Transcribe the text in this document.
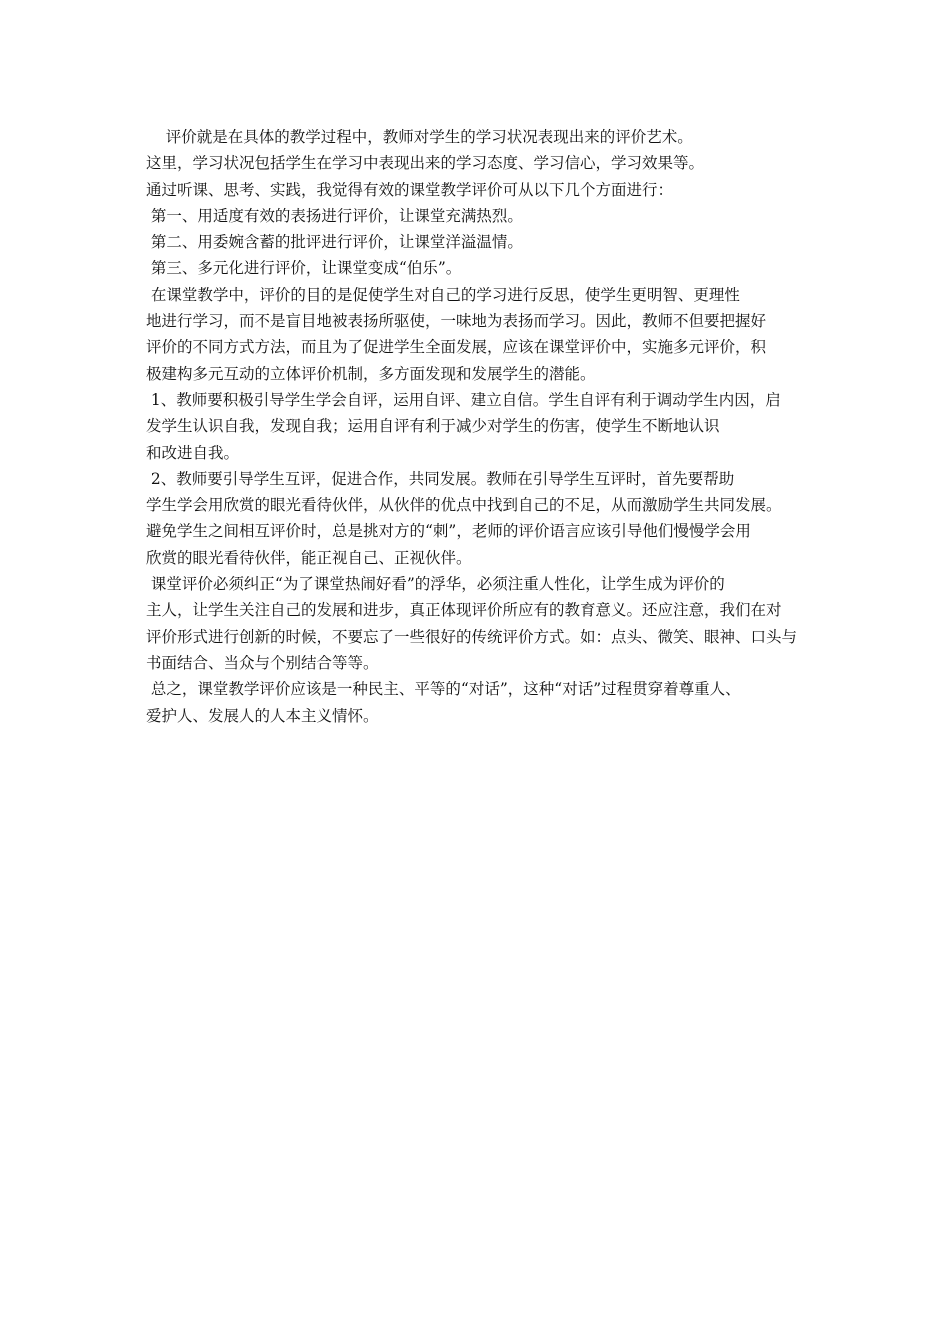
评价就是在具体的教学过程中，教师对学生的学习状况表现出来的评价艺术。
这里，学习状况包括学生在学习中表现出来的学习态度、学习信心，学习效果等。
通过听课、思考、实践，我觉得有效的课堂教学评价可从以下几个方面进行：
第一、用适度有效的表扬进行评价，让课堂充满热烈。
第二、用委婉含蓄的批评进行评价，让课堂洋溢温情。
第三、多元化进行评价，让课堂变成“伯乐”。
在课堂教学中，评价的目的是促使学生对自己的学习进行反思，使学生更明智、更理性
地进行学习，而不是盲目地被表扬所驱使，一味地为表扬而学习。因此，教师不但要把握好
评价的不同方式方法，而且为了促进学生全面发展，应该在课堂评价中，实施多元评价，积
极建构多元互动的立体评价机制，多方面发现和发展学生的潜能。
1、教师要积极引导学生学会自评，运用自评、建立自信。学生自评有利于调动学生内因，启
发学生认识自我，发现自我；运用自评有利于减少对学生的伤害，使学生不断地认识
和改进自我。
2、教师要引导学生互评，促进合作，共同发展。教师在引导学生互评时，首先要帮助
学生学会用欣赏的眼光看待伙伴，从伙伴的优点中找到自己的不足，从而激励学生共同发展。
避免学生之间相互评价时，总是挑对方的“刺”，老师的评价语言应该引导他们慢慢学会用
欣赏的眼光看待伙伴，能正视自己、正视伙伴。
课堂评价必须纠正“为了课堂热闹好看”的浮华，必须注重人性化，让学生成为评价的
主人，让学生关注自己的发展和进步，真正体现评价所应有的教育意义。还应注意，我们在对
评价形式进行创新的时候，不要忘了一些很好的传统评价方式。如：点头、微笑、眼神、口头与
书面结合、当众与个别结合等等。
总之，课堂教学评价应该是一种民主、平等的“对话”，这种“对话”过程贯穿着尊重人、
爱护人、发展人的人本主义情怀。
